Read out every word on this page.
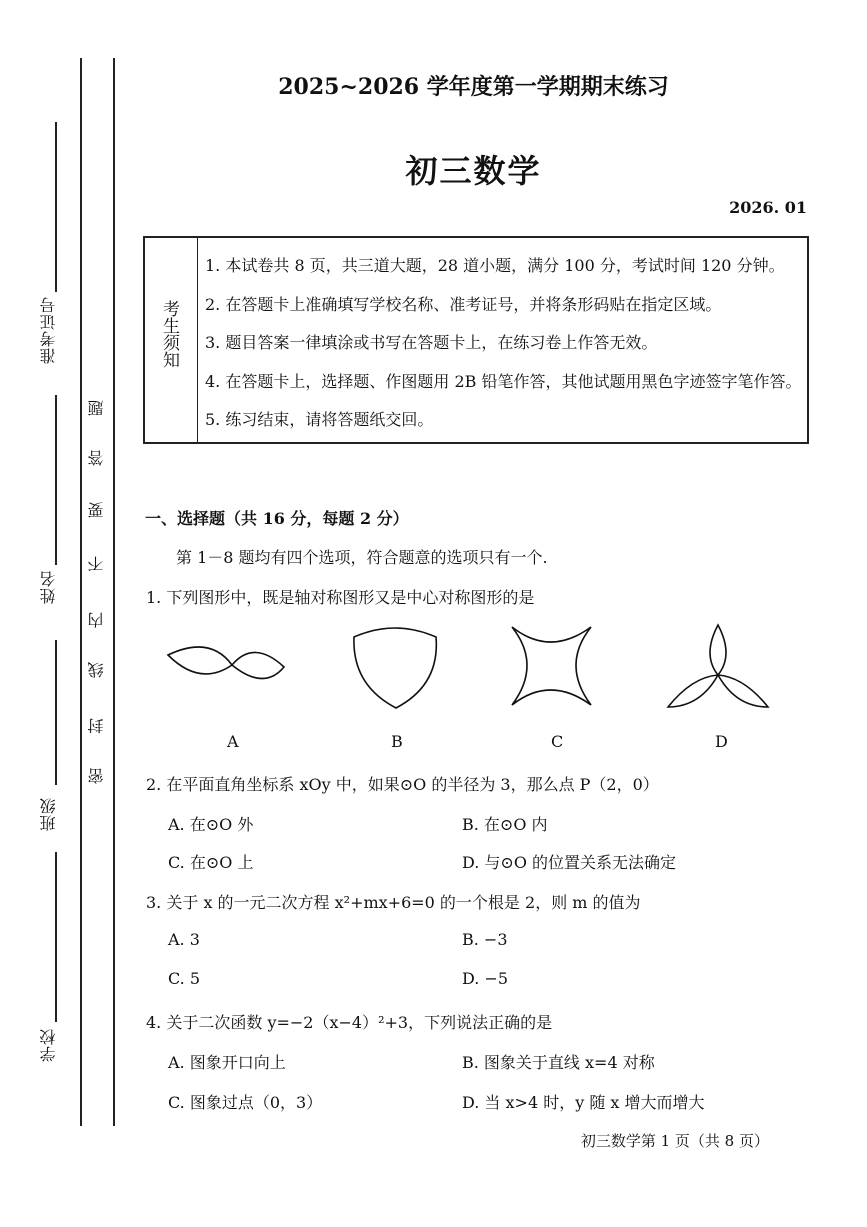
准考证号
姓名
班级
学校
题
答
要
不
内
线
封
密
2025~2026 学年度第一学期期末练习
初三数学
2026. 01
考生须知
1. 本试卷共 8 页，共三道大题，28 道小题，满分 100 分，考试时间 120 分钟。
2. 在答题卡上准确填写学校名称、准考证号，并将条形码贴在指定区域。
3. 题目答案一律填涂或书写在答题卡上，在练习卷上作答无效。
4. 在答题卡上，选择题、作图题用 2B 铅笔作答，其他试题用黑色字迹签字笔作答。
5. 练习结束，请将答题纸交回。
一、选择题（共 16 分，每题 2 分）
第 1－8 题均有四个选项，符合题意的选项只有一个.
1. 下列图形中，既是轴对称图形又是中心对称图形的是
A	B	C	D
2. 在平面直角坐标系 xOy 中，如果⊙O 的半径为 3，那么点 P（2，0）
A. 在⊙O 外	B. 在⊙O 内
C. 在⊙O 上	D. 与⊙O 的位置关系无法确定
3. 关于 x 的一元二次方程 x²+mx+6=0 的一个根是 2，则 m 的值为
A. 3	B. −3
C. 5	D. −5
4. 关于二次函数 y=−2（x−4）²+3，下列说法正确的是
A. 图象开口向上	B. 图象关于直线 x=4 对称
C. 图象过点（0，3）	D. 当 x>4 时，y 随 x 增大而增大
初三数学第 1 页（共 8 页）
